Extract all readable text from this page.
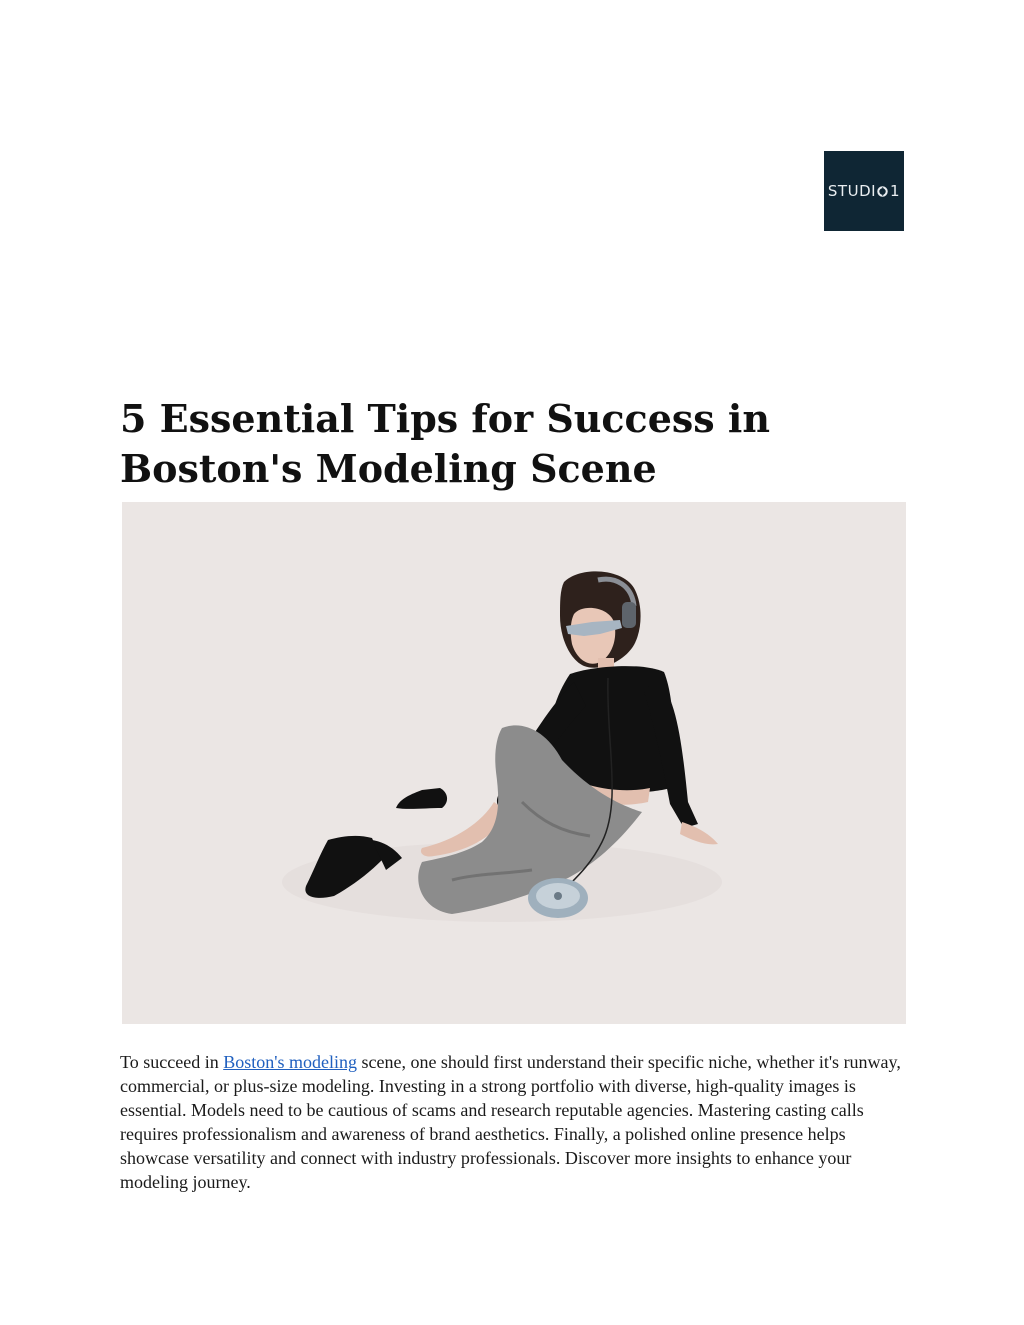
STUDI 1
5 Essential Tips for Success in Boston's Modeling Scene

To succeed in Boston's modeling scene, one should first understand their specific niche, whether it's runway, commercial, or plus-size modeling. Investing in a strong portfolio with diverse, high-quality images is essential. Models need to be cautious of scams and research reputable agencies. Mastering casting calls requires professionalism and awareness of brand aesthetics. Finally, a polished online presence helps showcase versatility and connect with industry professionals. Discover more insights to enhance your modeling journey.
